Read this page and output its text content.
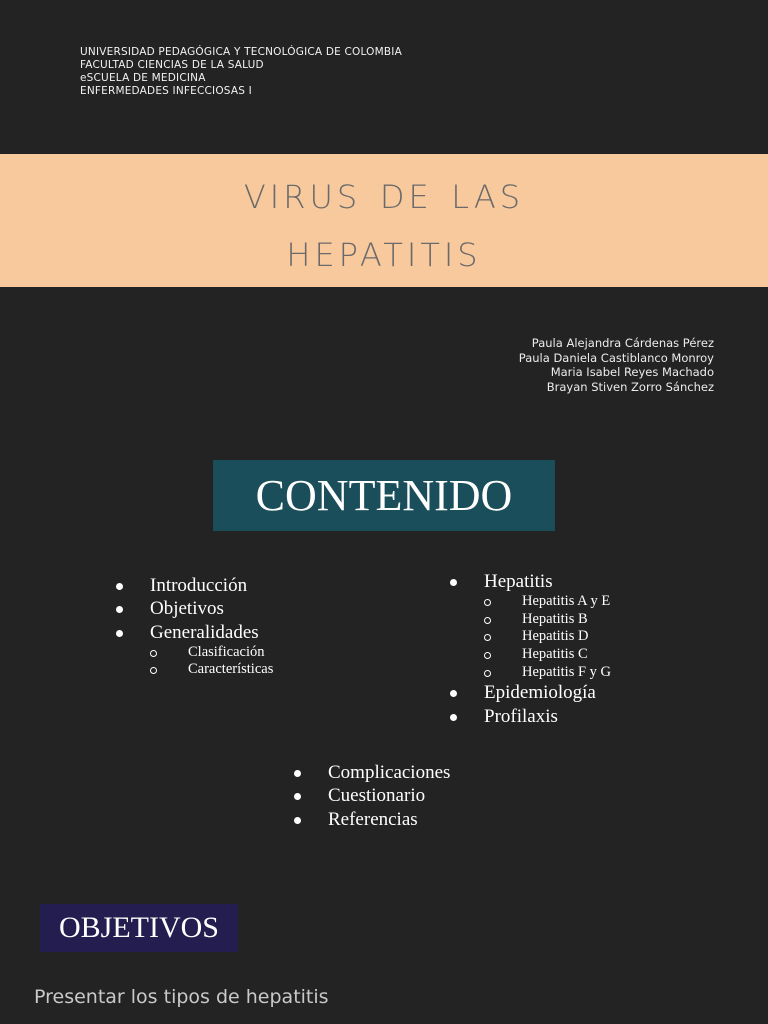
UNIVERSIDAD PEDAGÓGICA Y TECNOLÓGICA DE COLOMBIA
FACULTAD CIENCIAS DE LA SALUD
eSCUELA DE MEDICINA
ENFERMEDADES INFECCIOSAS I
virus de las
hepatitis
Paula Alejandra Cárdenas Pérez
Paula Daniela Castiblanco Monroy
Maria Isabel Reyes Machado
Brayan Stiven Zorro Sánchez
CONTENIDO
Introducción
Objetivos
Generalidades
Clasificación
Características
Hepatitis
Hepatitis A y E
Hepatitis B
Hepatitis D
Hepatitis C
Hepatitis F y G
Epidemiología
Profilaxis
Complicaciones
Cuestionario
Referencias
OBJETIVOS
Presentar los tipos de hepatitis
